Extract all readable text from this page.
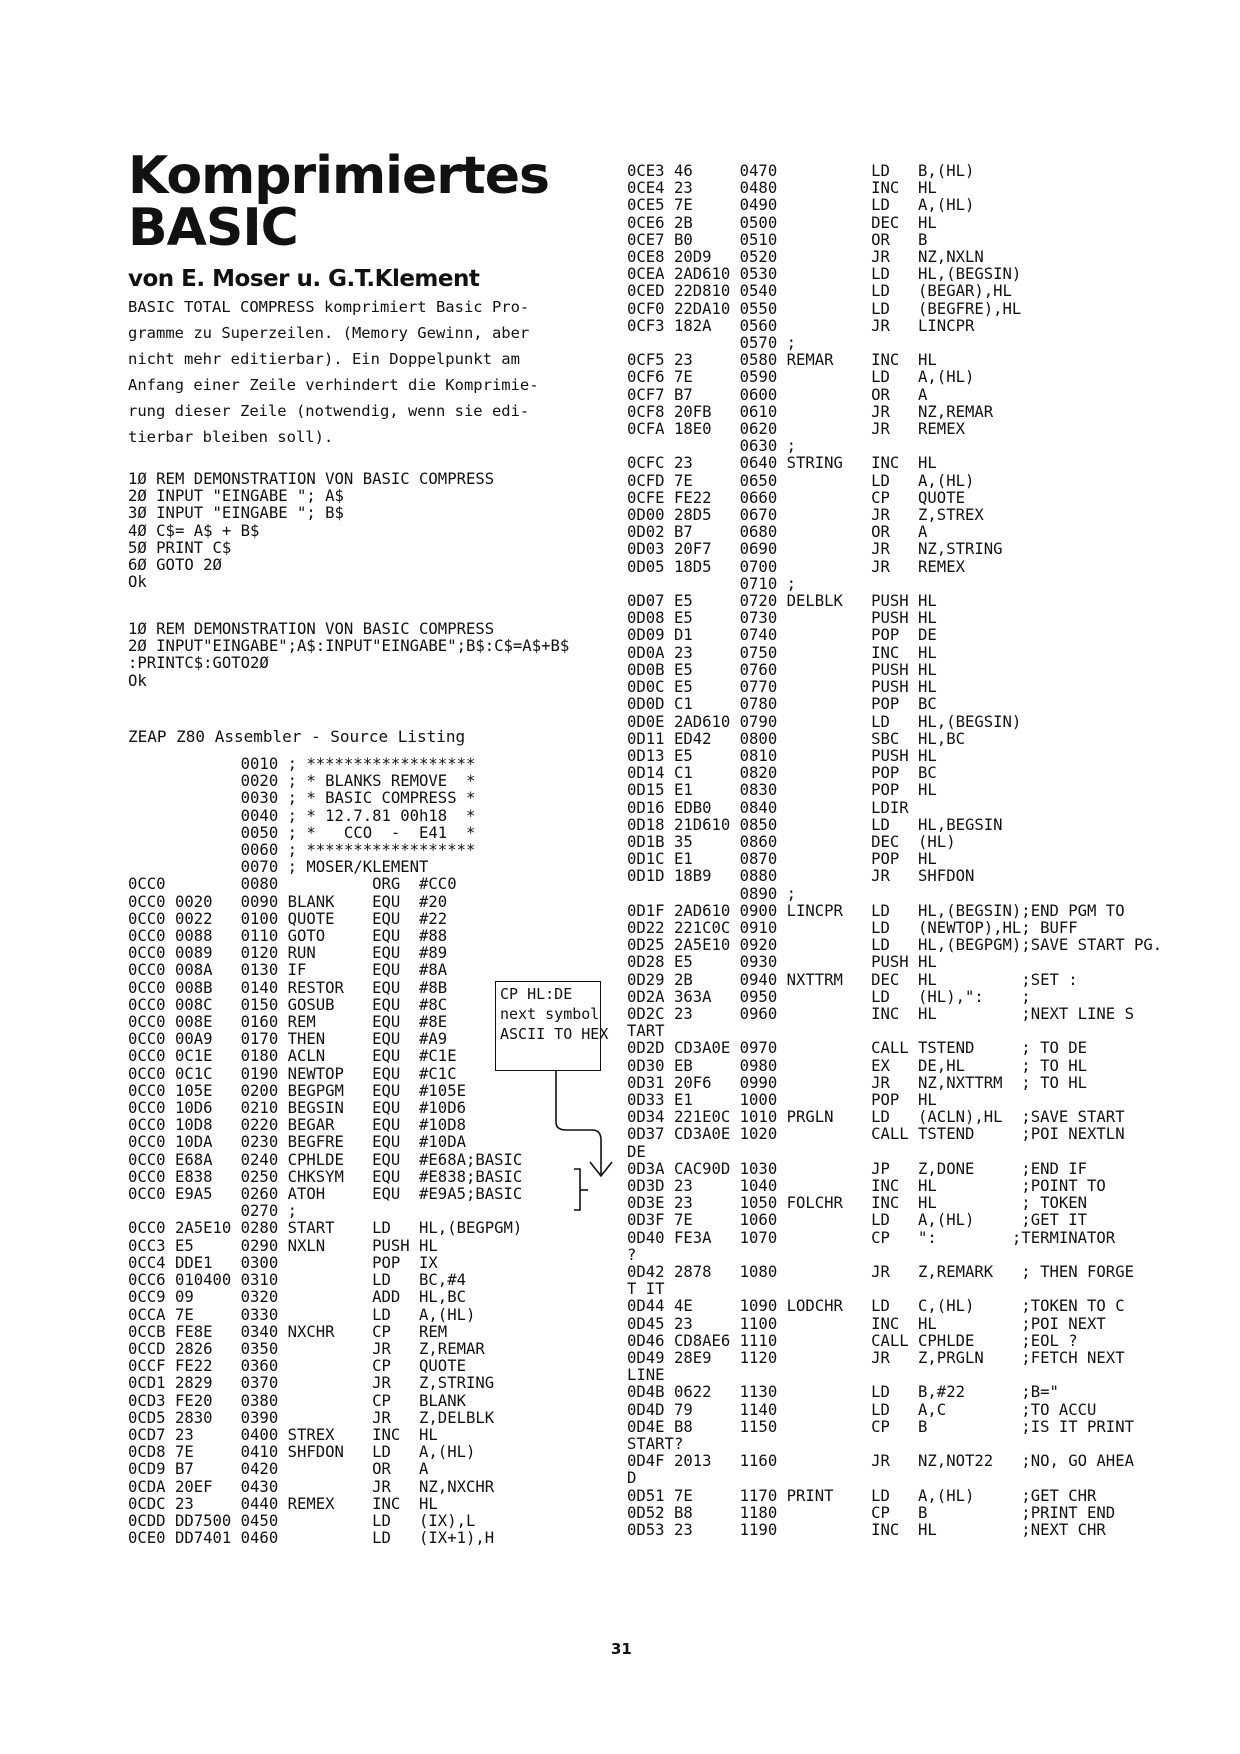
Komprimiertes
BASIC
von E. Moser u. G.T.Klement

BASIC TOTAL COMPRESS komprimiert Basic Pro-

gramme zu Superzeilen. (Memory Gewinn, aber

nicht mehr editierbar). Ein Doppelpunkt am

Anfang einer Zeile verhindert die Komprimie-

rung dieser Zeile (notwendig, wenn sie edi-

tierbar bleiben soll).

1Ø REM DEMONSTRATION VON BASIC COMPRESS
2Ø INPUT "EINGABE "; A$
3Ø INPUT "EINGABE "; B$
4Ø C$= A$ + B$
5Ø PRINT C$
6Ø GOTO 2Ø
Ok
1Ø REM DEMONSTRATION VON BASIC COMPRESS
2Ø INPUT"EINGABE";A$:INPUT"EINGABE";B$:C$=A$+B$
:PRINTC$:GOTO2Ø
Ok
ZEAP Z80 Assembler - Source Listing
0010 ; ******************
0020 ; * BLANKS REMOVE  *
0030 ; * BASIC COMPRESS *
0040 ; * 12.7.81 00h18  *
0050 ; *   CCO  -  E41  *
0060 ; ******************
0070 ; MOSER/KLEMENT
0CC0        0080          ORG  #CC0
0CC0 0020   0090 BLANK    EQU  #20
0CC0 0022   0100 QUOTE    EQU  #22
0CC0 0088   0110 GOTO     EQU  #88
0CC0 0089   0120 RUN      EQU  #89
0CC0 008A   0130 IF       EQU  #8A
0CC0 008B   0140 RESTOR   EQU  #8B
0CC0 008C   0150 GOSUB    EQU  #8C
0CC0 008E   0160 REM      EQU  #8E
0CC0 00A9   0170 THEN     EQU  #A9
0CC0 0C1E   0180 ACLN     EQU  #C1E
0CC0 0C1C   0190 NEWTOP   EQU  #C1C
0CC0 105E   0200 BEGPGM   EQU  #105E
0CC0 10D6   0210 BEGSIN   EQU  #10D6
0CC0 10D8   0220 BEGAR    EQU  #10D8
0CC0 10DA   0230 BEGFRE   EQU  #10DA
0CC0 E68A   0240 CPHLDE   EQU  #E68A;BASIC
0CC0 E838   0250 CHKSYM   EQU  #E838;BASIC
0CC0 E9A5   0260 ATOH     EQU  #E9A5;BASIC
0270 ;
0CC0 2A5E10 0280 START    LD   HL,(BEGPGM)
0CC3 E5     0290 NXLN     PUSH HL
0CC4 DDE1   0300          POP  IX
0CC6 010400 0310          LD   BC,#4
0CC9 09     0320          ADD  HL,BC
0CCA 7E     0330          LD   A,(HL)
0CCB FE8E   0340 NXCHR    CP   REM
0CCD 2826   0350          JR   Z,REMAR
0CCF FE22   0360          CP   QUOTE
0CD1 2829   0370          JR   Z,STRING
0CD3 FE20   0380          CP   BLANK
0CD5 2830   0390          JR   Z,DELBLK
0CD7 23     0400 STREX    INC  HL
0CD8 7E     0410 SHFDON   LD   A,(HL)
0CD9 B7     0420          OR   A
0CDA 20EF   0430          JR   NZ,NXCHR
0CDC 23     0440 REMEX    INC  HL
0CDD DD7500 0450          LD   (IX),L
0CE0 DD7401 0460          LD   (IX+1),H
0CE3 46     0470          LD   B,(HL)
0CE4 23     0480          INC  HL
0CE5 7E     0490          LD   A,(HL)
0CE6 2B     0500          DEC  HL
0CE7 B0     0510          OR   B
0CE8 20D9   0520          JR   NZ,NXLN
0CEA 2AD610 0530          LD   HL,(BEGSIN)
0CED 22D810 0540          LD   (BEGAR),HL
0CF0 22DA10 0550          LD   (BEGFRE),HL
0CF3 182A   0560          JR   LINCPR
0570 ;
0CF5 23     0580 REMAR    INC  HL
0CF6 7E     0590          LD   A,(HL)
0CF7 B7     0600          OR   A
0CF8 20FB   0610          JR   NZ,REMAR
0CFA 18E0   0620          JR   REMEX
0630 ;
0CFC 23     0640 STRING   INC  HL
0CFD 7E     0650          LD   A,(HL)
0CFE FE22   0660          CP   QUOTE
0D00 28D5   0670          JR   Z,STREX
0D02 B7     0680          OR   A
0D03 20F7   0690          JR   NZ,STRING
0D05 18D5   0700          JR   REMEX
0710 ;
0D07 E5     0720 DELBLK   PUSH HL
0D08 E5     0730          PUSH HL
0D09 D1     0740          POP  DE
0D0A 23     0750          INC  HL
0D0B E5     0760          PUSH HL
0D0C E5     0770          PUSH HL
0D0D C1     0780          POP  BC
0D0E 2AD610 0790          LD   HL,(BEGSIN)
0D11 ED42   0800          SBC  HL,BC
0D13 E5     0810          PUSH HL
0D14 C1     0820          POP  BC
0D15 E1     0830          POP  HL
0D16 EDB0   0840          LDIR
0D18 21D610 0850          LD   HL,BEGSIN
0D1B 35     0860          DEC  (HL)
0D1C E1     0870          POP  HL
0D1D 18B9   0880          JR   SHFDON
0890 ;
0D1F 2AD610 0900 LINCPR   LD   HL,(BEGSIN);END PGM TO
0D22 221C0C 0910          LD   (NEWTOP),HL; BUFF
0D25 2A5E10 0920          LD   HL,(BEGPGM);SAVE START PG.
0D28 E5     0930          PUSH HL
0D29 2B     0940 NXTTRM   DEC  HL         ;SET :
0D2A 363A   0950          LD   (HL),":    ;
0D2C 23     0960          INC  HL         ;NEXT LINE S
TART
0D2D CD3A0E 0970          CALL TSTEND     ; TO DE
0D30 EB     0980          EX   DE,HL      ; TO HL
0D31 20F6   0990          JR   NZ,NXTTRM  ; TO HL
0D33 E1     1000          POP  HL
0D34 221E0C 1010 PRGLN    LD   (ACLN),HL  ;SAVE START
0D37 CD3A0E 1020          CALL TSTEND     ;POI NEXTLN
DE
0D3A CAC90D 1030          JP   Z,DONE     ;END IF
0D3D 23     1040          INC  HL         ;POINT TO
0D3E 23     1050 FOLCHR   INC  HL         ; TOKEN
0D3F 7E     1060          LD   A,(HL)     ;GET IT
0D40 FE3A   1070          CP   ":        ;TERMINATOR
?
0D42 2878   1080          JR   Z,REMARK   ; THEN FORGE
T IT
0D44 4E     1090 LODCHR   LD   C,(HL)     ;TOKEN TO C
0D45 23     1100          INC  HL         ;POI NEXT
0D46 CD8AE6 1110          CALL CPHLDE     ;EOL ?
0D49 28E9   1120          JR   Z,PRGLN    ;FETCH NEXT
LINE
0D4B 0622   1130          LD   B,#22      ;B="
0D4D 79     1140          LD   A,C        ;TO ACCU
0D4E B8     1150          CP   B          ;IS IT PRINT
START?
0D4F 2013   1160          JR   NZ,NOT22   ;NO, GO AHEA
D
0D51 7E     1170 PRINT    LD   A,(HL)     ;GET CHR
0D52 B8     1180          CP   B          ;PRINT END
0D53 23     1190          INC  HL         ;NEXT CHR
CP HL:DE
next symbol
ASCII TO HEX
31
